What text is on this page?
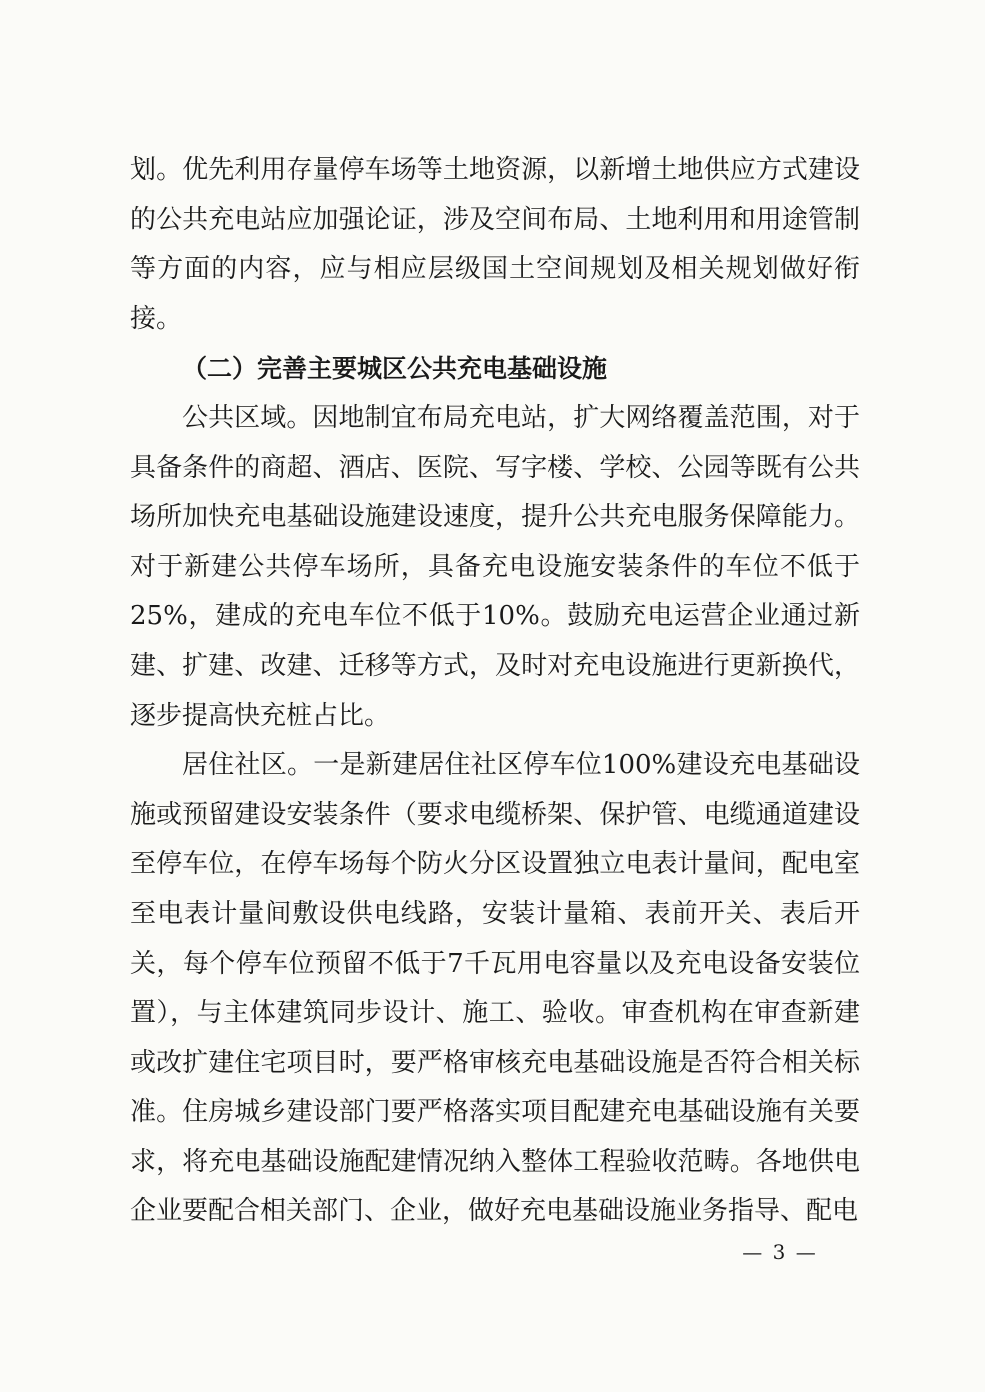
划。优先利用存量停车场等土地资源，以新增土地供应方式建设的公共充电站应加强论证，涉及空间布局、土地利用和用途管制等方面的内容，应与相应层级国土空间规划及相关规划做好衔接。

（二）完善主要城区公共充电基础设施

公共区域。因地制宜布局充电站，扩大网络覆盖范围，对于具备条件的商超、酒店、医院、写字楼、学校、公园等既有公共场所加快充电基础设施建设速度，提升公共充电服务保障能力。对于新建公共停车场所，具备充电设施安装条件的车位不低于25%，建成的充电车位不低于10%。鼓励充电运营企业通过新建、扩建、改建、迁移等方式，及时对充电设施进行更新换代，逐步提高快充桩占比。

居住社区。一是新建居住社区停车位100%建设充电基础设施或预留建设安装条件（要求电缆桥架、保护管、电缆通道建设至停车位，在停车场每个防火分区设置独立电表计量间，配电室至电表计量间敷设供电线路，安装计量箱、表前开关、表后开关，每个停车位预留不低于7千瓦用电容量以及充电设备安装位置），与主体建筑同步设计、施工、验收。审查机构在审查新建或改扩建住宅项目时，要严格审核充电基础设施是否符合相关标准。住房城乡建设部门要严格落实项目配建充电基础设施有关要求，将充电基础设施配建情况纳入整体工程验收范畴。各地供电企业要配合相关部门、企业，做好充电基础设施业务指导、配电

— 3 —
